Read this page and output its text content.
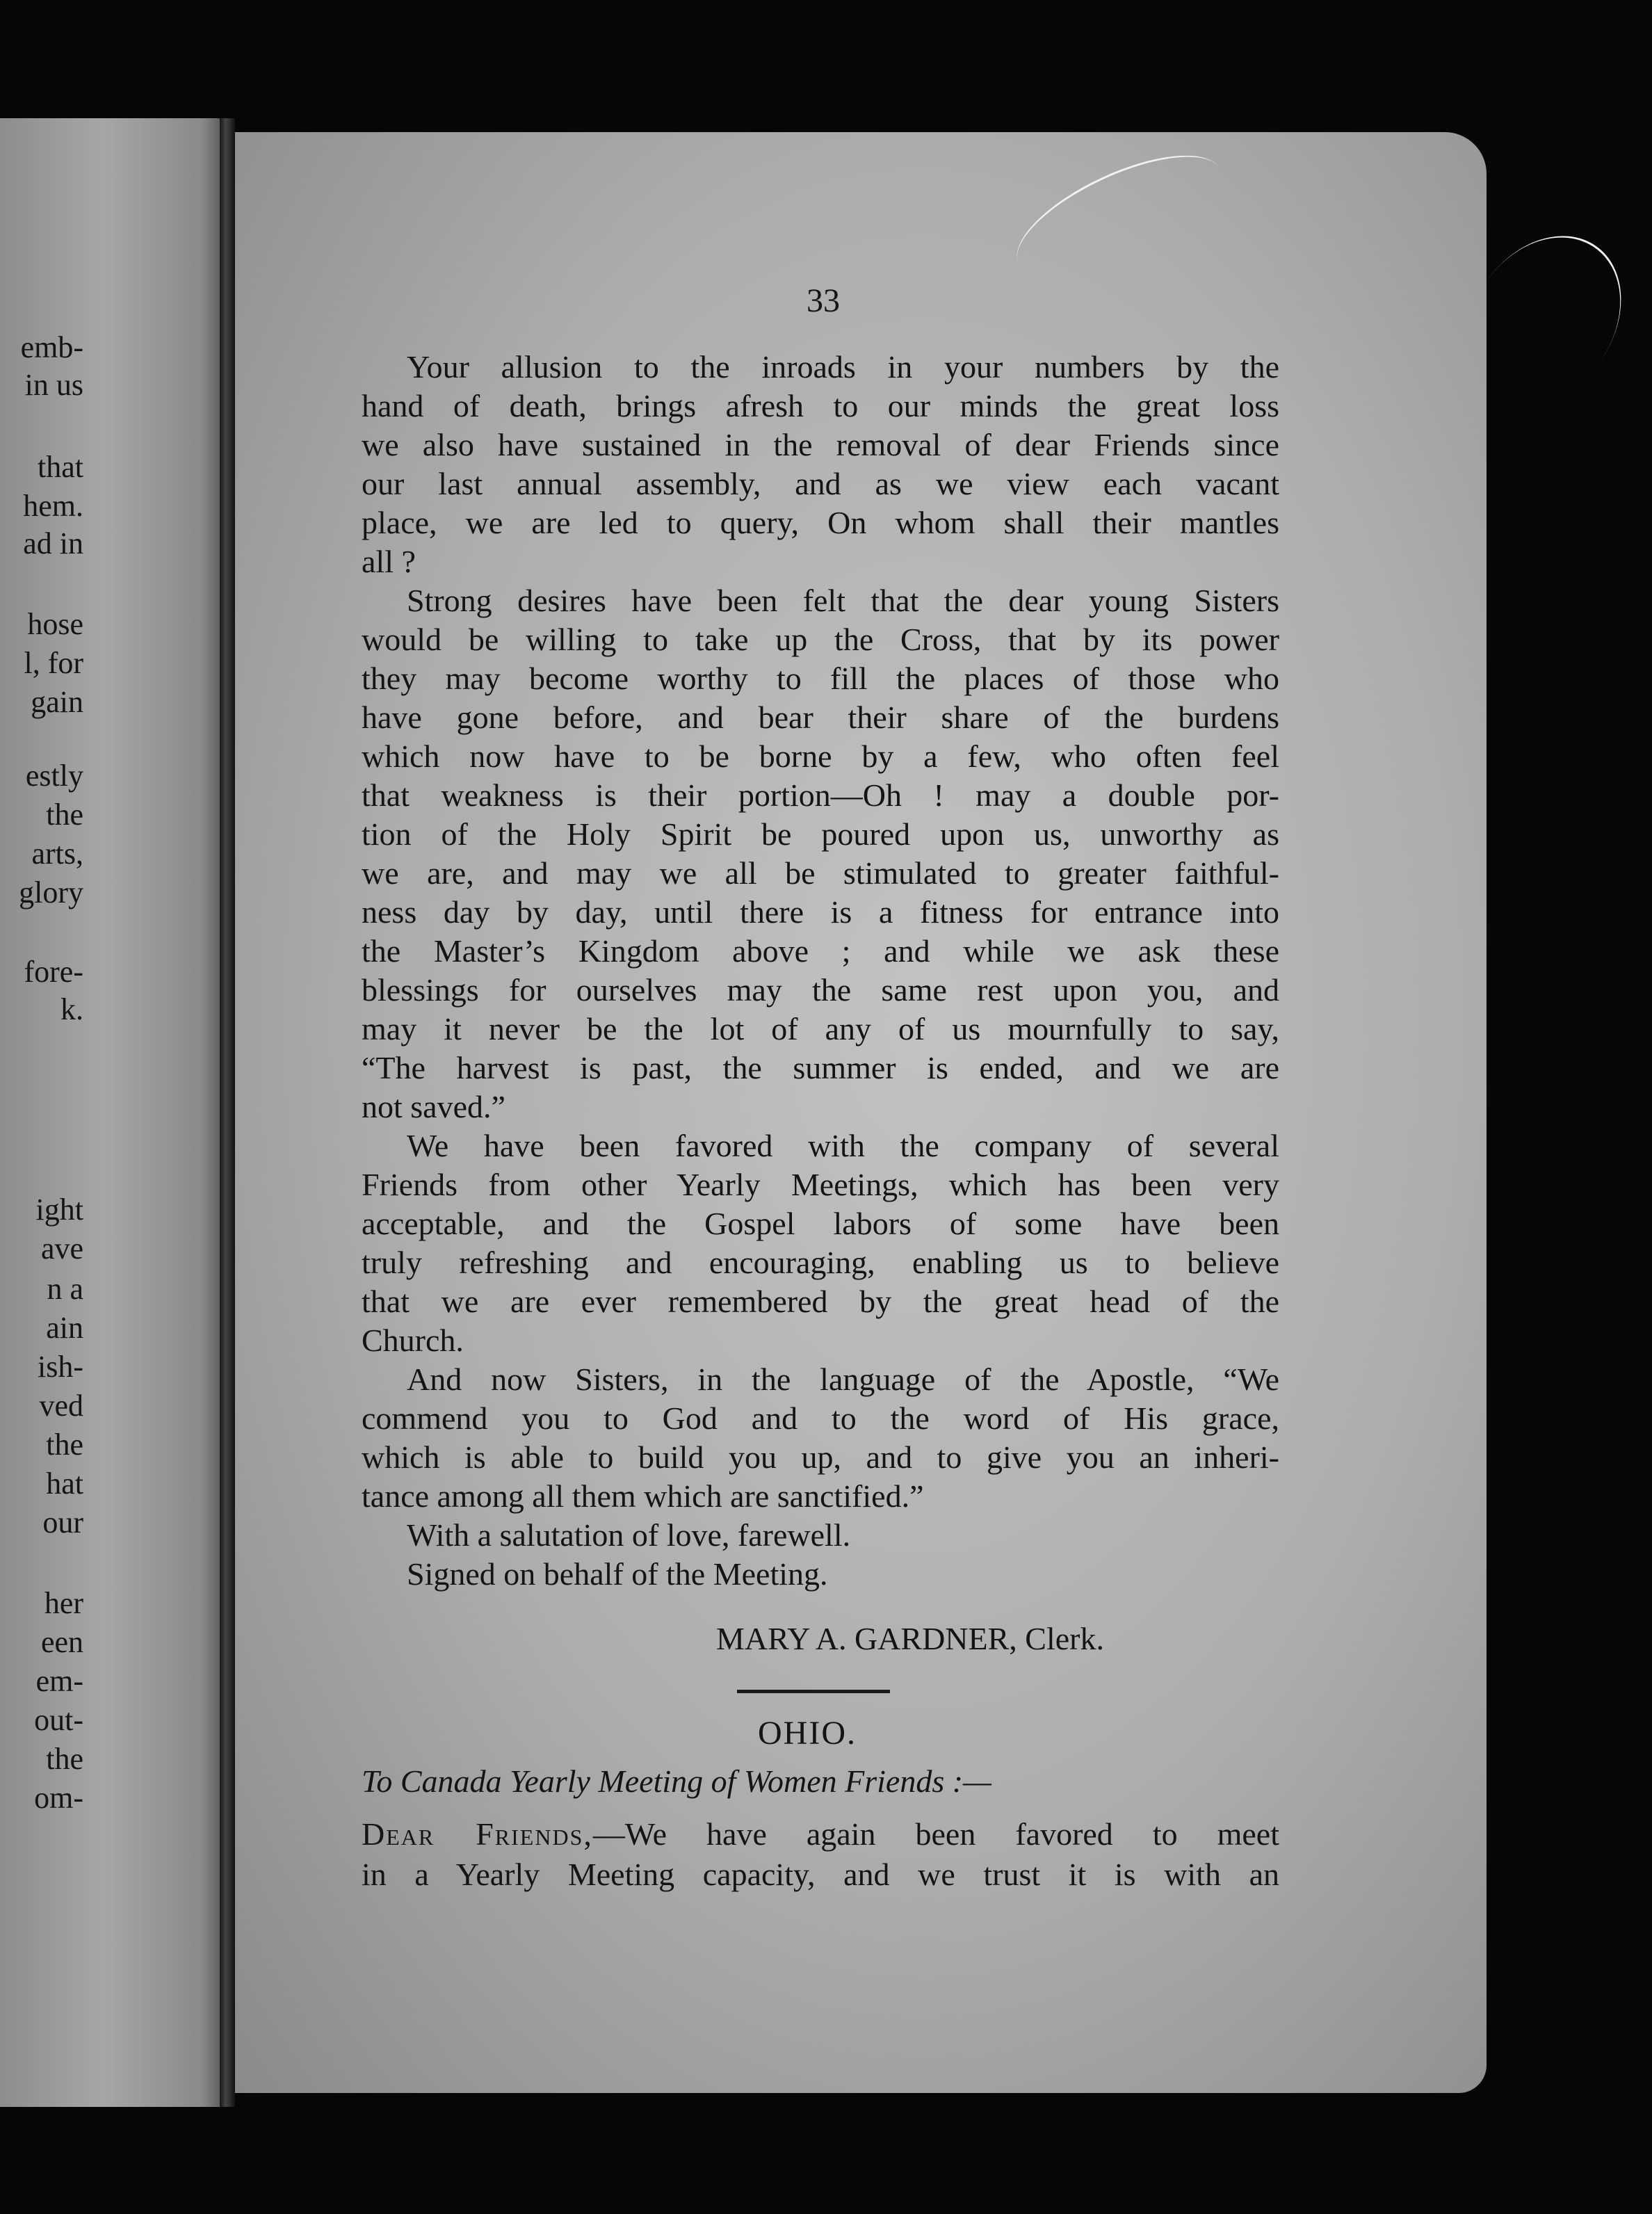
emb-
in us
that
hem.
ad in
hose
l, for
gain
estly
the
arts,
glory
fore-
k.
ight
ave
n a
ain
ish-
ved
the
hat
our
her
een
em-
out-
the
om-
33
Your allusion to the inroads in your numbers by the
hand of death, brings afresh to our minds the great loss
we also have sustained in the removal of dear Friends since
our last annual assembly, and as we view each vacant
place, we are led to query, On whom shall their mantles
all ?
Strong desires have been felt that the dear young Sisters
would be willing to take up the Cross, that by its power
they may become worthy to fill the places of those who
have gone before, and bear their share of the burdens
which now have to be borne by a few, who often feel
that weakness is their portion—Oh ! may a double por-
tion of the Holy Spirit be poured upon us, unworthy as
we are, and may we all be stimulated to greater faithful-
ness day by day, until there is a fitness for entrance into
the Master’s Kingdom above ; and while we ask these
blessings for ourselves may the same rest upon you, and
may it never be the lot of any of us mournfully to say,
“The harvest is past, the summer is ended, and we are
not saved.”
We have been favored with the company of several
Friends from other Yearly Meetings, which has been very
acceptable, and the Gospel labors of some have been
truly refreshing and encouraging, enabling us to believe
that we are ever remembered by the great head of the
Church.
And now Sisters, in the language of the Apostle, “We
commend you to God and to the word of His grace,
which is able to build you up, and to give you an inheri-
tance among all them which are sanctified.”
With a salutation of love, farewell.
Signed on behalf of the Meeting.
MARY A. GARDNER, Clerk.
OHIO.
To Canada Yearly Meeting of Women Friends :—
Dear Friends,—We have again been favored to meet
in a Yearly Meeting capacity, and we trust it is with an
